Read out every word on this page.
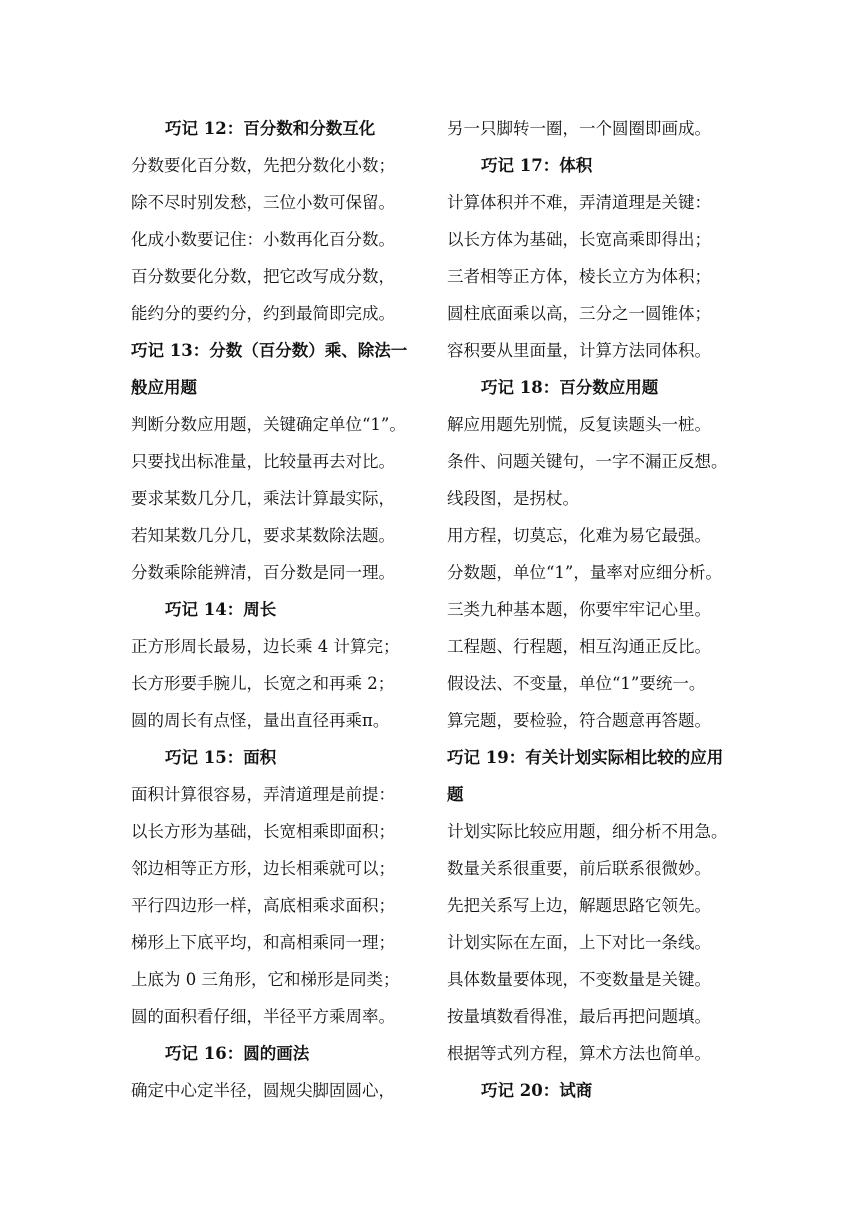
巧记 12：百分数和分数互化
分数要化百分数，先把分数化小数；
除不尽时别发愁，三位小数可保留。
化成小数要记住：小数再化百分数。
百分数要化分数，把它改写成分数，
能约分的要约分，约到最简即完成。
巧记 13：分数（百分数）乘、除法一
般应用题
判断分数应用题，关键确定单位“1”。
只要找出标准量，比较量再去对比。
要求某数几分几，乘法计算最实际，
若知某数几分几，要求某数除法题。
分数乘除能辨清，百分数是同一理。
巧记 14：周长
正方形周长最易，边长乘 4 计算完；
长方形要手腕儿，长宽之和再乘 2；
圆的周长有点怪，量出直径再乘π。
巧记 15：面积
面积计算很容易，弄清道理是前提：
以长方形为基础，长宽相乘即面积；
邻边相等正方形，边长相乘就可以；
平行四边形一样，高底相乘求面积；
梯形上下底平均，和高相乘同一理；
上底为 0 三角形，它和梯形是同类；
圆的面积看仔细，半径平方乘周率。
巧记 16：圆的画法
确定中心定半径，圆规尖脚固圆心，
另一只脚转一圈，一个圆圈即画成。
巧记 17：体积
计算体积并不难，弄清道理是关键：
以长方体为基础，长宽高乘即得出；
三者相等正方体，棱长立方为体积；
圆柱底面乘以高，三分之一圆锥体；
容积要从里面量，计算方法同体积。
巧记 18：百分数应用题
解应用题先别慌，反复读题头一桩。
条件、问题关键句，一字不漏正反想。
线段图，是拐杖。
用方程，切莫忘，化难为易它最强。
分数题，单位“1”，量率对应细分析。
三类九种基本题，你要牢牢记心里。
工程题、行程题，相互沟通正反比。
假设法、不变量，单位“1”要统一。
算完题，要检验，符合题意再答题。
巧记 19：有关计划实际相比较的应用
题
计划实际比较应用题，细分析不用急。
数量关系很重要，前后联系很微妙。
先把关系写上边，解题思路它领先。
计划实际在左面，上下对比一条线。
具体数量要体现，不变数量是关键。
按量填数看得准，最后再把问题填。
根据等式列方程，算术方法也简单。
巧记 20：试商
